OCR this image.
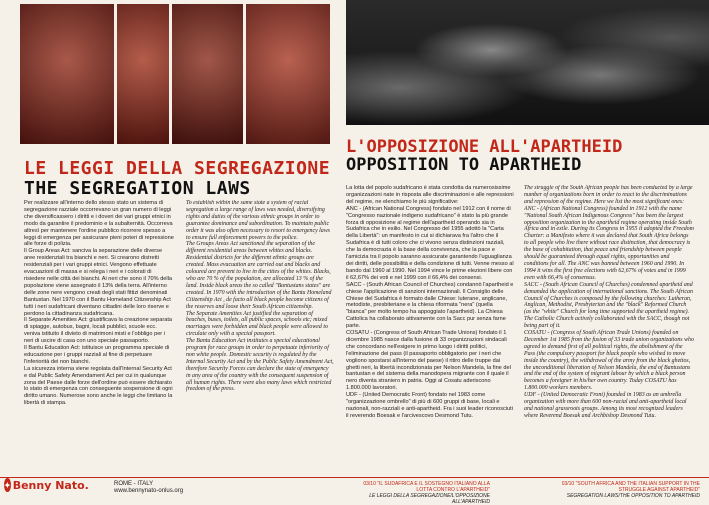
LE LEGGI DELLA SEGREGAZIONE
THE SEGREGATION LAWS
L'OPPOSIZIONE ALL'APARTHEID
OPPOSITION TO APARTHEID

Per realizzare all'interno dello stesso stato un sistema di segregazione razziale occorrevano un gran numero di leggi che diversificassero i diritti e i doveri dei vari gruppi etnici in modo da garantire il predominio e la subalternità. Occorreva altresì per mantenere l'ordine pubblico ricorrere spesso a leggi di emergenza per assicurare pieni poteri di repressione alle forze di polizia.

Il Group Areas Act: sanciva la separazione delle diverse aree residenziali tra bianchi e neri. Si crearono distretti residenziali per i vari gruppi etnici. Vengono effettuate evacuazioni di massa e si relega i neri e i colorati di risiedere nelle città dei bianchi. Ai neri che sono il 70% della popolazione viene assegnato il 13% della terra. All'interno delle zone nere vengono creati degli stati fittizi denominati Bantustan. Nel 1970 con il Bantu Homeland Citizenship Act tutti i neri sudafricani diventano cittadini delle loro riserve e perdono la cittadinanza sudafricana.

Il Separate Amenities Act: giustificava la creazione separata di spiagge, autobus, bagni, locali pubblici, scuole ecc. veniva istituito il divieto di matrimoni misti e l'obbligo per i neri di uscire di casa con uno speciale passaporto.

Il Bantu Education Act: istituisce un programma speciale di educazione per i gruppi razziali al fine di perpetuare l'inferiorità dei non bianchi.

La sicurezza interna viene regolata dall'Internal Security Act e dal Public Safety Amendament Act per cui in qualunque zona del Paese dalle forze dell'ordine può essere dichiarato lo stato di emergenza con conseguente sospensione di ogni diritto umano. Numerose sono anche le leggi che limitano la libertà di stampa.

To establish within the same state a system of racial segregation a large range of laws was needed, diversifying rights and duties of the various ethnic groups in order to guarantee dominance and subordination. To maintain public order it was also often necessary to resort to emergency laws to ensure full enforcement powers to the police.

The Groups Areas Act sanctioned the separation of the different residential areas between whites and blacks. Residential districts for the different ethnic groups are created. Mass evacuation are carried out and blacks and coloured are prevent to live in the cities of the whites. Blacks, who are 70 % of the population, are allocated 13 % of the land. Inside black areas the so called "Bantustans states" are created. In 1970 with the introduction of the Bantu Homeland Citizenship Act , de facto all black people become citizens of the reserves and loose their South African citizenship.

The Separate Amenities Act justified the separation of beaches, buses, toilets, all public spaces, schools etc; mixed marriages were forbidden and black people were allowed to circulate only with a special passport.

The Bantu Education Act institutes a special educational program for race groups in order to perpetuate inferiority of non white people. Domestic security is regulated by the Internal Security Act and by the Public Safety Amendment Act, therefore Security Forces can declare the state of emergency in any area of the country with the consequent suspension of all human rights. There were also many laws which restricted freedom of the press.

La lotta del popolo sudafricano è stata condotta da numerosissime organizzazioni nate in risposta alle discriminazioni e alle repressioni del regime, ne elenchiamo le più significative:

ANC - (African National Congress) fondato nel 1912 con il nome di "Congresso nazionale indigeno sudafricano" è stato la più grande forza di opposizione al regime dell'apartheid operando sia in Sudafrica che in esilio. Nel Congresso del 1955 adottò la "Carta della Libertà": un manifesto in cui si dichiarava fra l'altro che il Sudafrica è di tutti coloro che ci vivono senza distinzioni razziali, che la democrazia è la base della convivenza, che la pace e l'amicizia tra il popolo saranno assicurate garantendo l'uguaglianza dei diritti, delle possibilità e della condizione di tutti. Venne messo al bando dal 1960 al 1990. Nel 1994 vince le prime elezioni libere con il 62,67% dei voti e nel 1999 con il 66,4% dei consensi.

SACC - (South African Council of Churches) condannò l'apartheid e chiese l'applicazione di sanzioni internazionali. Il Consiglio delle Chiese del Sudafrica è formato dalle Chiese: luterane, anglicane, metodiste, presbiteriane e la chiesa riformata "nera" (quella "bianca" per molto tempo ha appoggiato l'apartheid). La Chiesa Cattolica ha collaborato attivamente con la Sacc pur senza farne parte.

COSATU - (Congress of South African Trade Unions) fondato il 1 dicembre 1985 nasce dalla fusione di 33 organizzazioni sindacali che concordano nell'esigere in primo luogo i diritti politici, l'eliminazione dei pass (il passaporto obbligatorio per i neri che vogliono spostarsi all'interno del paese) il ritiro delle truppe dai ghetti neri, la libertà incondizionata per Nelson Mandela, la fine del bantustan e del sistema della manodopera migrante con il quale il nero diventa straniero in patria. Oggi al Cosatu aderiscono 1.800.000 lavoratori.

UDF - (United Democratic Front) fondato nel 1983 come "organizzazione ombrello" di più di 600 gruppi di base, locali e nazionali, non-razziali e anti-apartheid. Fra i suoi leader riconosciuti il reverendo Boesak e l'arcivescovo Desmond Tutu.

The struggle of the South African people has been conducted by a large number of organizations born in order to react to the discriminations and repression of the regime. Here we list the most significant ones:

ANC - (African National Congress) founded in 1912 with the name "National South African Indigenous Congress" has been the largest opposition organization to the apartheid regime operating inside South Africa and in exile. During its Congress in 1955 it adopted the Freedom Charter: a Manifesto where it was declared that South Africa belongs to all people who live there without race distinction, that democracy is the base of cohabitation, that peace and friendship between people should be guaranteed through equal rights, opportunities and conditions for all. The ANC was banned between 1960 and 1990. In 1994 it wins the first free elections with 62,67% of votes and in 1999 even with 66,4% of consensus.

SACC - (South African Council of Churches) condemned apartheid and demanded the application of international sanctions. The South African Council of Churches is composed by the following churches: Lutheran, Anglican, Methodist, Presbyterian and the "black" Reformed Church (as the "white" Church for long time supported the apartheid regime). The Catholic Church actively collaborated with the SACC, though not being part of it.

COSATU - (Congress of South African Trade Unions) founded on December 1st 1985 from the fusion of 33 trade union organizations who agreed to demand first of all political rights, the abolishment of the Pass (the compulsory passport for black people who wished to move inside the country), the withdrawal of the army from the black ghettos, the unconditional liberation of Nelson Mandela, the end of Bantustans and the end of the system of migrant labour by which a black person becomes a foreigner in his/her own country. Today COSATU has 1.800.000 workers members.

UDF - (United Democratic Front) founded in 1983 as an umbrella organization with more than 600 non-racial and anti-apartheid local and national grassroots groups. Among its most recognized leaders where Reverend Boesak and Archbishop Desmond Tutu.

✦ Benny Nato.	ROME - ITALY
www.bennynato-onlus.org
03/10 "IL SUDAFRICA E IL SOSTEGNO ITALIANO ALLA LOTTA CONTRO L'APARTHEID"
LE LEGGI DELLA SEGREGAZIONE/L'OPPOSIZIONE ALL'APARTHEID
03/10 "SOUTH AFRICA AND THE ITALIAN SUPPORT IN THE STRUGGLE AGAINST APARTHEID"
SEGREGATION LAWS/THE OPPOSITION TO APARTHEID
